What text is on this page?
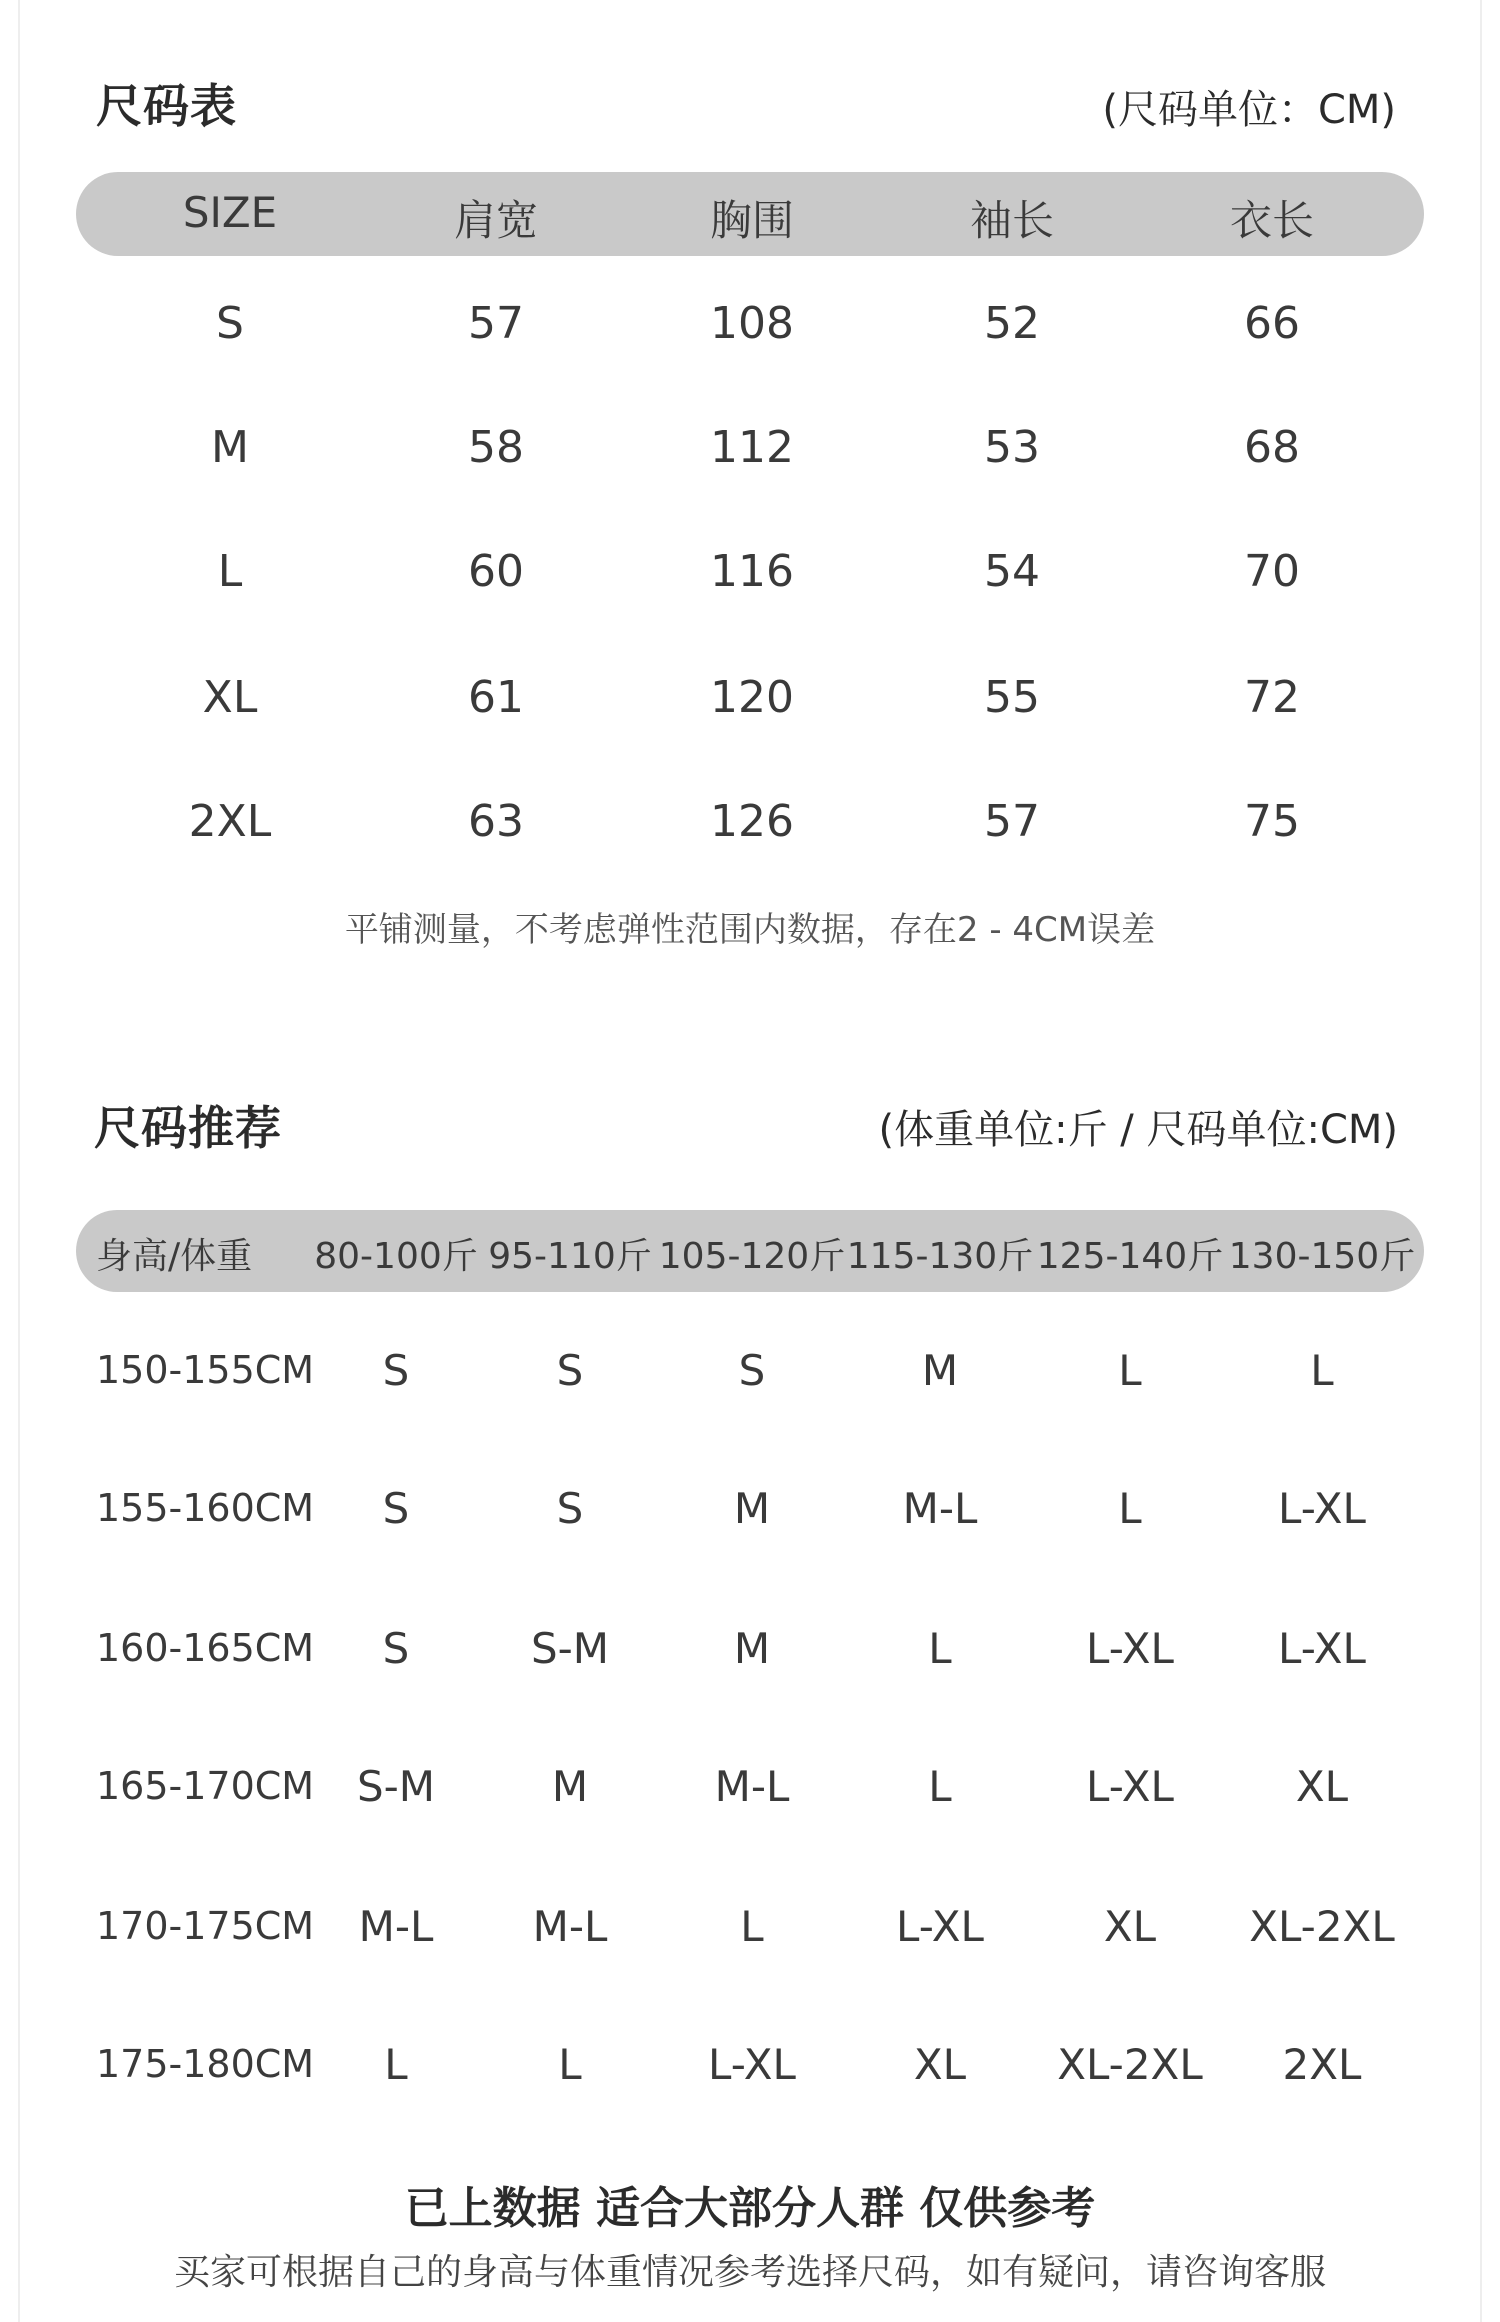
尺码表	(尺码单位：CM)
SIZE	肩宽	胸围	袖长	衣长
S	57	108	52	66
M	58	112	53	68
L	60	116	54	70
XL	61	120	55	72
2XL	63	126	57	75
平铺测量，不考虑弹性范围内数据，存在2 - 4CM误差
尺码推荐	(体重单位:斤 / 尺码单位:CM)
身高/体重	80-100斤 95-110斤 105-120斤 115-130斤 125-140斤 130-150斤
150-155CM	S	S	S	M	L	L
155-160CM	S	S	M	M-L	L	L-XL
160-165CM	S	S-M	M	L	L-XL	L-XL
165-170CM	S-M	M	M-L	L	L-XL	XL
170-175CM	M-L	M-L	L	L-XL	XL	XL-2XL
175-180CM	L	L	L-XL	XL	XL-2XL	2XL
已上数据 适合大部分人群 仅供参考
买家可根据自己的身高与体重情况参考选择尺码，如有疑问，请咨询客服
